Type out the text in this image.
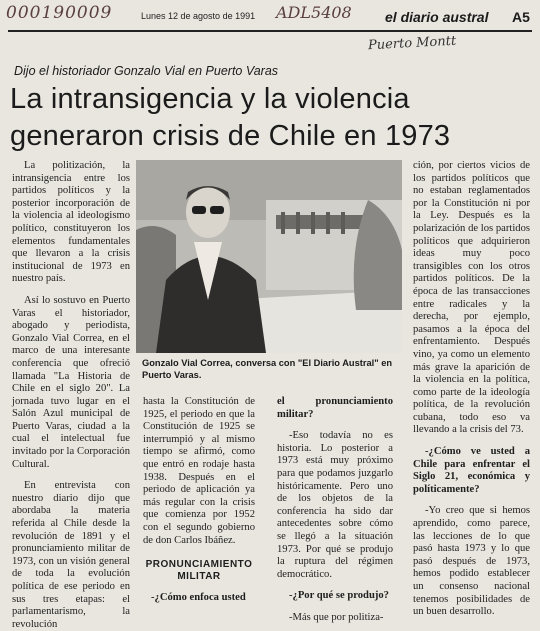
000190009	ADL5408
Puerto Montt
Lunes 12 de agosto de 1991	el diario austral A5
Dijo el historiador Gonzalo Vial en Puerto Varas
La intransigencia y la violencia
generaron crisis de Chile en 1973
Gonzalo Vial Correa, conversa con "El Diario Austral" en Puerto Varas.

La politización, la intransigencia entre los partidos políticos y la posterior incorporación de la violencia al ideologismo político, constituyeron los elementos fundamentales que llevaron a la crisis institucional de 1973 en nuestro país.

Así lo sostuvo en Puerto Varas el historiador, abogado y periodista, Gonzalo Vial Correa, en el marco de una interesante conferencia que ofreció llamada "La Historia de Chile en el siglo 20". La jornada tuvo lugar en el Salón Azul municipal de Puerto Varas, ciudad a la cual el intelectual fue invitado por la Corporación Cultural.

En entrevista con nuestro diario dijo que abordaba la materia referida al Chile desde la revolución de 1891 y el pronunciamiento militar de 1973, con un visión general de toda la evolución política de ese periodo en sus tres etapas: el parlamentarismo, la revolución

hasta la Constitución de 1925, el periodo en que la Constitución de 1925 se interrumpió y al mismo tiempo se afirmó, como que entró en rodaje hasta 1938. Después en el periodo de aplicación ya más regular con la crisis que comienza por 1952 con el segundo gobierno de don Carlos Ibáñez.

PRONUNCIAMIENTO MILITAR

-¿Cómo enfoca usted

el pronunciamiento militar?

-Eso todavía no es historia. Lo posterior a 1973 está muy próximo para que podamos juzgarlo históricamente. Pero uno de los objetos de la conferencia ha sido dar antecedentes sobre cómo se llegó a la situación 1973. Por qué se produjo la ruptura del régimen democrático.

-¿Por qué se produjo?

-Más que por politiza-

ción, por ciertos vicios de los partidos políticos que no estaban reglamentados por la Constitución ni por la Ley. Después es la polarización de los partidos políticos que adquirieron ideas muy poco transigibles con los otros partidos políticos. De la época de las transacciones entre radicales y la derecha, por ejemplo, pasamos a la época del enfrentamiento. Después vino, ya como un elemento más grave la aparición de la violencia en la política, como parte de la ideología política, de la revolución cubana, todo eso va llevando a la crisis del 73.

-¿Cómo ve usted a Chile para enfrentar el Siglo 21, económica y políticamente?

-Yo creo que si hemos aprendido, como parece, las lecciones de lo que pasó hasta 1973 y lo que pasó después de 1973, hemos podido establecer un consenso nacional tenemos posibilidades de un buen desarrollo.
